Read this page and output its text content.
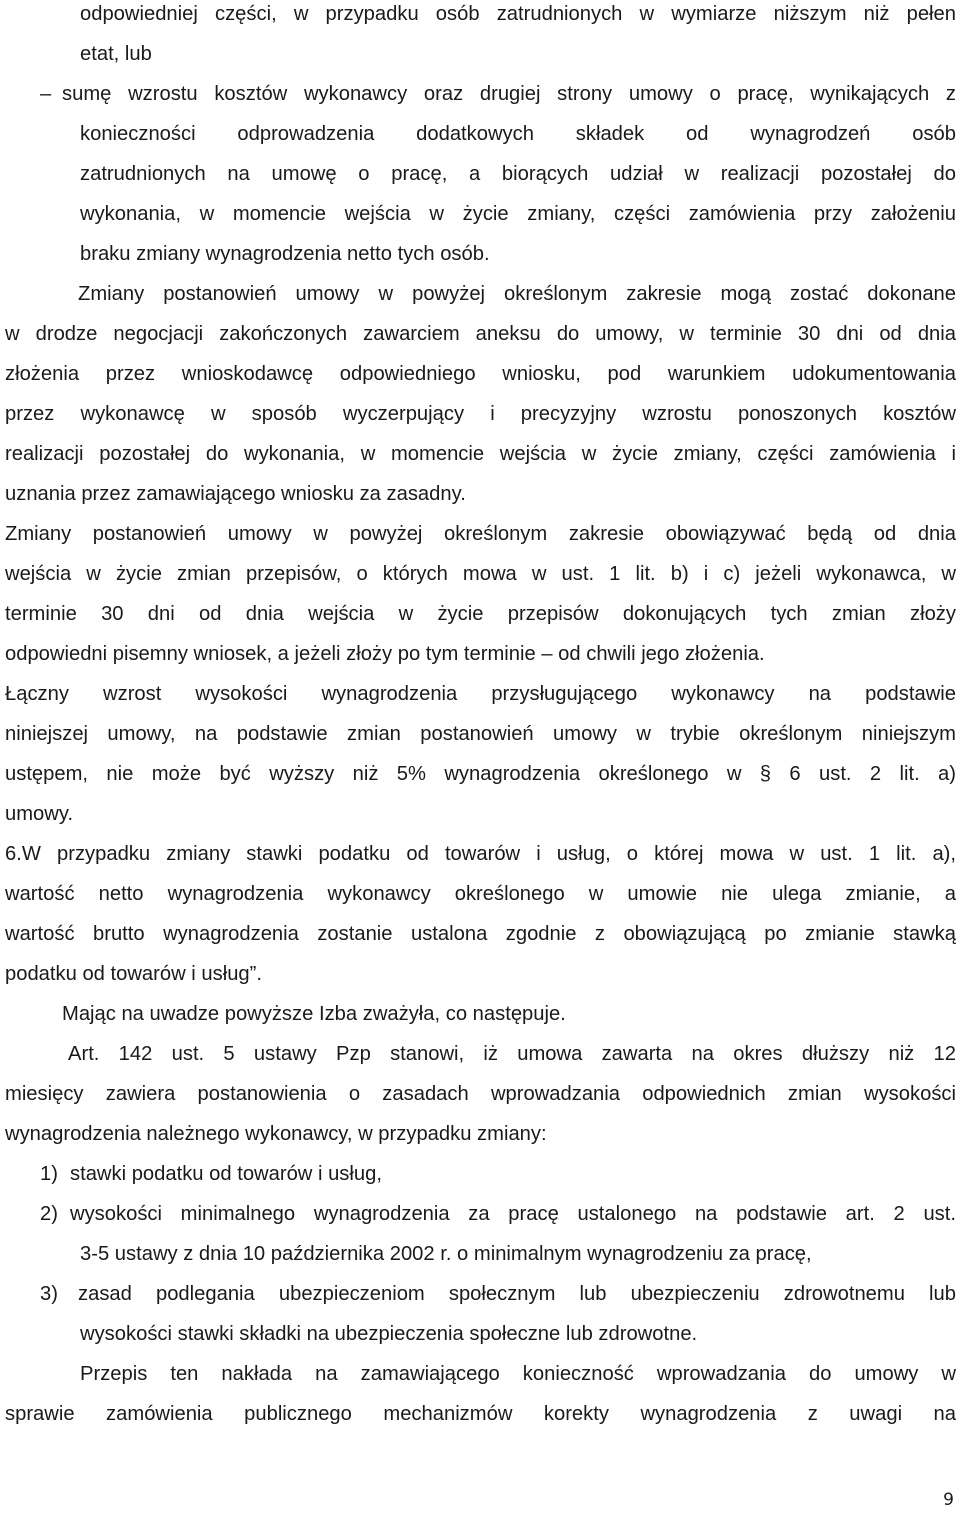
odpowiedniej części, w przypadku osób zatrudnionych w wymiarze niższym niż pełen
etat, lub
– sumę wzrostu kosztów wykonawcy oraz drugiej strony umowy o pracę, wynikających z
konieczności odprowadzenia dodatkowych składek od wynagrodzeń osób
zatrudnionych na umowę o pracę, a biorących udział w realizacji pozostałej do
wykonania, w momencie wejścia w życie zmiany, części zamówienia przy założeniu
braku zmiany wynagrodzenia netto tych osób.
Zmiany postanowień umowy w powyżej określonym zakresie mogą zostać dokonane
w drodze negocjacji zakończonych zawarciem aneksu do umowy, w terminie 30 dni od dnia
złożenia przez wnioskodawcę odpowiedniego wniosku, pod warunkiem udokumentowania
przez wykonawcę w sposób wyczerpujący i precyzyjny wzrostu ponoszonych kosztów
realizacji pozostałej do wykonania, w momencie wejścia w życie zmiany, części zamówienia i
uznania przez zamawiającego wniosku za zasadny.
Zmiany postanowień umowy w powyżej określonym zakresie obowiązywać będą od dnia
wejścia w życie zmian przepisów, o których mowa w ust. 1 lit. b) i c) jeżeli wykonawca, w
terminie 30 dni od dnia wejścia w życie przepisów dokonujących tych zmian złoży
odpowiedni pisemny wniosek, a jeżeli złoży po tym terminie – od chwili jego złożenia.
Łączny wzrost wysokości wynagrodzenia przysługującego wykonawcy na podstawie
niniejszej umowy, na podstawie zmian postanowień umowy w trybie określonym niniejszym
ustępem, nie może być wyższy niż 5% wynagrodzenia określonego w § 6 ust. 2 lit. a)
umowy.
6.W przypadku zmiany stawki podatku od towarów i usług, o której mowa w ust. 1 lit. a),
wartość netto wynagrodzenia wykonawcy określonego w umowie nie ulega zmianie, a
wartość brutto wynagrodzenia zostanie ustalona zgodnie z obowiązującą po zmianie stawką
podatku od towarów i usług”.
Mając na uwadze powyższe Izba zważyła, co następuje.
Art. 142 ust. 5 ustawy Pzp stanowi, iż umowa zawarta na okres dłuższy niż 12
miesięcy zawiera postanowienia o zasadach wprowadzania odpowiednich zmian wysokości
wynagrodzenia należnego wykonawcy, w przypadku zmiany:
1) stawki podatku od towarów i usług,
2) wysokości minimalnego wynagrodzenia za pracę ustalonego na podstawie art. 2 ust.
3-5 ustawy z dnia 10 października 2002 r. o minimalnym wynagrodzeniu za pracę,
3) zasad podlegania ubezpieczeniom społecznym lub ubezpieczeniu zdrowotnemu lub
wysokości stawki składki na ubezpieczenia społeczne lub zdrowotne.
Przepis ten nakłada na zamawiającego konieczność wprowadzania do umowy w
sprawie zamówienia publicznego mechanizmów korekty wynagrodzenia z uwagi na
9
